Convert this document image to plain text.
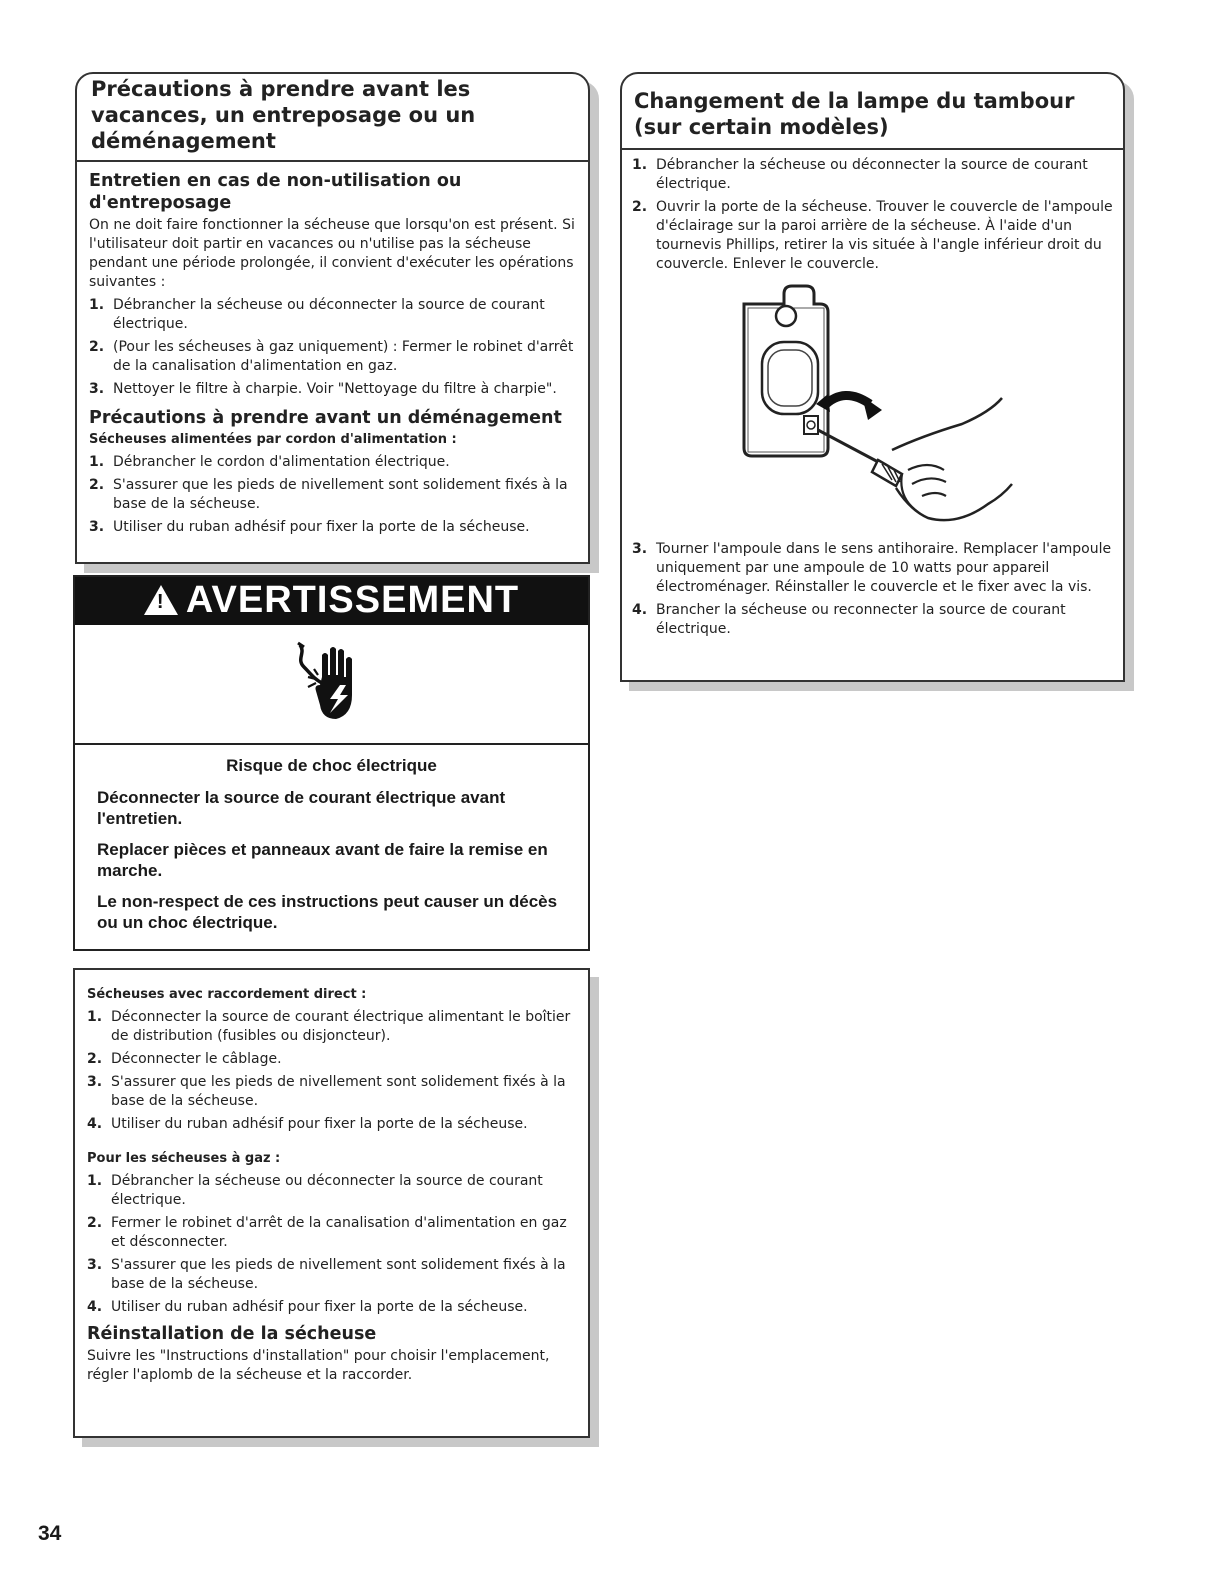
Précautions à prendre avant les vacances, un entreposage ou un déménagement
Entretien en cas de non-utilisation ou d'entreposage
On ne doit faire fonctionner la sécheuse que lorsqu'on est présent. Si l'utilisateur doit partir en vacances ou n'utilise pas la sécheuse pendant une période prolongée, il convient d'exécuter les opérations suivantes :
1. Débrancher la sécheuse ou déconnecter la source de courant électrique.
2. (Pour les sécheuses à gaz uniquement) : Fermer le robinet d'arrêt de la canalisation d'alimentation en gaz.
3. Nettoyer le filtre à charpie. Voir "Nettoyage du filtre à charpie".
Précautions à prendre avant un déménagement
Sécheuses alimentées par cordon d'alimentation :
1. Débrancher le cordon d'alimentation électrique.
2. S'assurer que les pieds de nivellement sont solidement fixés à la base de la sécheuse.
3. Utiliser du ruban adhésif pour fixer la porte de la sécheuse.
! AVERTISSEMENT
Risque de choc électrique
Déconnecter la source de courant électrique avant l'entretien.
Replacer pièces et panneaux avant de faire la remise en marche.
Le non-respect de ces instructions peut causer un décès ou un choc électrique.
Sécheuses avec raccordement direct :
1. Déconnecter la source de courant électrique alimentant le boîtier de distribution (fusibles ou disjoncteur).
2. Déconnecter le câblage.
3. S'assurer que les pieds de nivellement sont solidement fixés à la base de la sécheuse.
4. Utiliser du ruban adhésif pour fixer la porte de la sécheuse.
Pour les sécheuses à gaz :
1. Débrancher la sécheuse ou déconnecter la source de courant électrique.
2. Fermer le robinet d'arrêt de la canalisation d'alimentation en gaz et désconnecter.
3. S'assurer que les pieds de nivellement sont solidement fixés à la base de la sécheuse.
4. Utiliser du ruban adhésif pour fixer la porte de la sécheuse.
Réinstallation de la sécheuse
Suivre les "Instructions d'installation" pour choisir l'emplacement, régler l'aplomb de la sécheuse et la raccorder.
Changement de la lampe du tambour (sur certain modèles)
1. Débrancher la sécheuse ou déconnecter la source de courant électrique.
2. Ouvrir la porte de la sécheuse. Trouver le couvercle de l'ampoule d'éclairage sur la paroi arrière de la sécheuse. À l'aide d'un tournevis Phillips, retirer la vis située à l'angle inférieur droit du couvercle. Enlever le couvercle.
3. Tourner l'ampoule dans le sens antihoraire. Remplacer l'ampoule uniquement par une ampoule de 10 watts pour appareil électroménager. Réinstaller le couvercle et le fixer avec la vis.
4. Brancher la sécheuse ou reconnecter la source de courant électrique.
34
